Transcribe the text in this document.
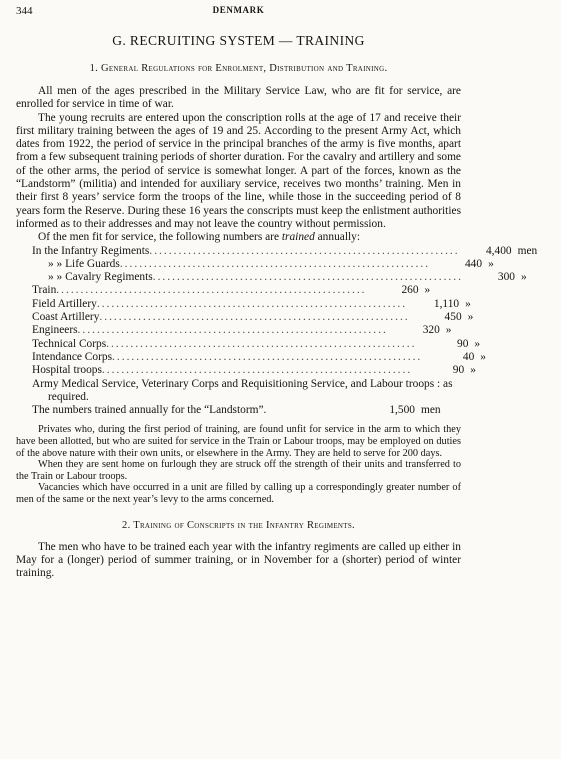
344	DENMARK
G. RECRUITING SYSTEM — TRAINING
1. General Regulations for Enrolment, Distribution and Training.

All men of the ages prescribed in the Military Service Law, who are fit for service, are enrolled for service in time of war.

The young recruits are entered upon the conscription rolls at the age of 17 and receive their first military training between the ages of 19 and 25. According to the present Army Act, which dates from 1922, the period of service in the principal branches of the army is five months, apart from a few subsequent training periods of shorter duration. For the cavalry and artillery and some of the other arms, the period of service is somewhat longer. A part of the forces, known as the “Landstorm” (militia) and intended for auxiliary service, receives two months’ training. Men in their first 8 years’ service form the troops of the line, while those in the succeeding period of 8 years form the Reserve. During these 16 years the conscripts must keep the enlistment authorities informed as to their addresses and may not leave the country without permission.

Of the men fit for service, the following numbers are trained annually:

In the Infantry Regiments ................................................................	4,400 men
» » Life Guards ................................................................	440 »
» » Cavalry Regiments ................................................................	300 »
Train ................................................................	260 »
Field Artillery ................................................................	1,110 »
Coast Artillery ................................................................	450 »
Engineers ................................................................	320 »
Technical Corps ................................................................	90 »
Intendance Corps ................................................................	40 »
Hospital troops ................................................................	90 »
Army Medical Service, Veterinary Corps and Requisitioning Service, and Labour troops : as required.
The numbers trained annually for the “Landstorm”.	1,500 men

Privates who, during the first period of training, are found unfit for service in the arm to which they have been allotted, but who are suited for service in the Train or Labour troops, may be employed on duties of the above nature with their own units, or elsewhere in the Army. They are held to serve for 200 days.

When they are sent home on furlough they are struck off the strength of their units and transferred to the Train or Labour troops.

Vacancies which have occurred in a unit are filled by calling up a correspondingly greater number of men of the same or the next year’s levy to the arms concerned.

2. Training of Conscripts in the Infantry Regiments.

The men who have to be trained each year with the infantry regiments are called up either in May for a (longer) period of summer training, or in November for a (shorter) period of winter training.
